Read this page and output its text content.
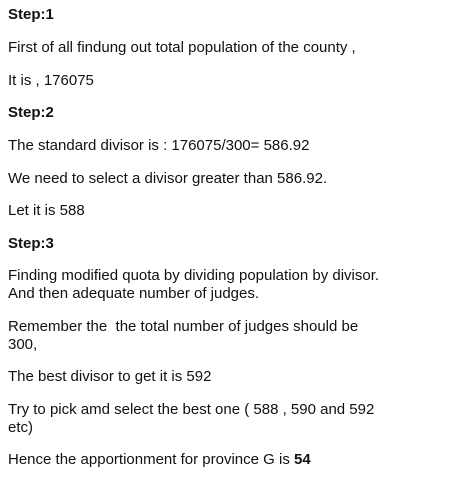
Step:1
First of all findung out total population of the county ,
It is , 176075
Step:2
The standard divisor is : 176075/300= 586.92
We need to select a divisor greater than 586.92.
Let it is 588
Step:3
Finding modified quota by dividing population by divisor.
And then adequate number of judges.
Remember the  the total number of judges should be
300,
The best divisor to get it is 592
Try to pick amd select the best one ( 588 , 590 and 592
etc)
Hence the apportionment for province G is 54
